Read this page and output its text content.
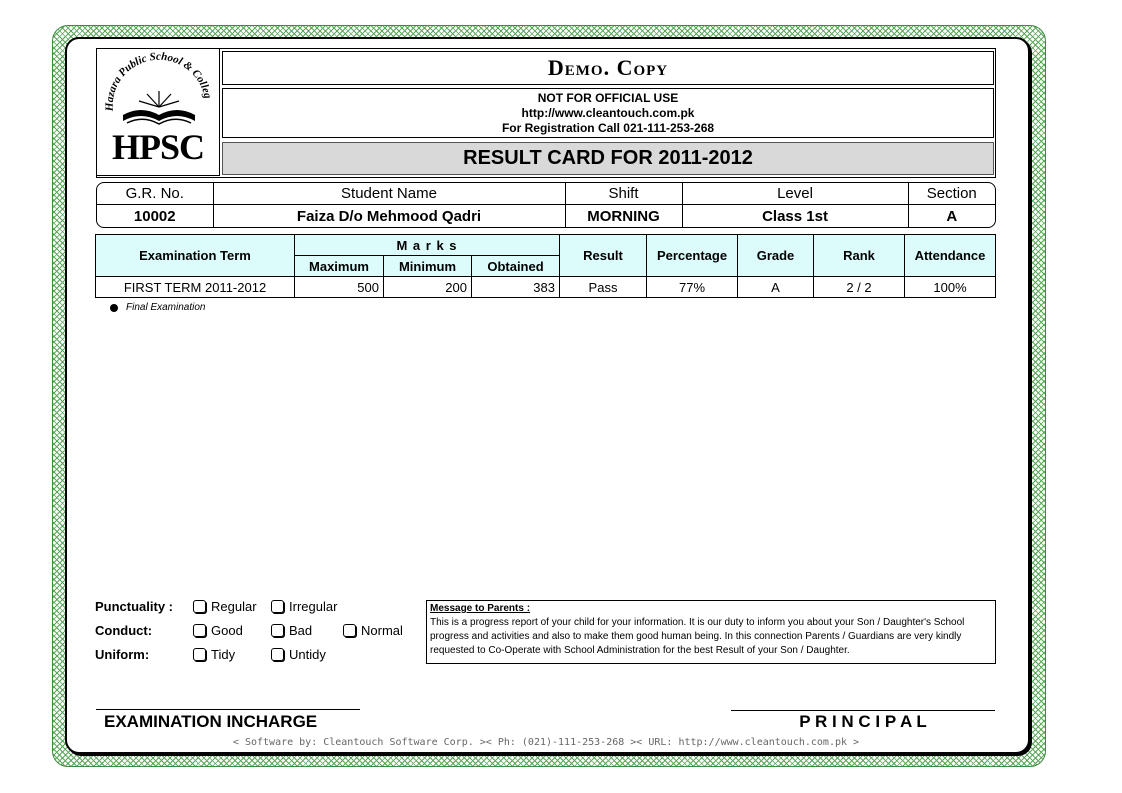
Hazara Public School & Colleg
HPSC
Demo. Copy
NOT FOR OFFICIAL USE
http://www.cleantouch.com.pk
For Registration Call 021-111-253-268
RESULT CARD FOR 2011-2012
G.R. No.	Student Name	Shift	Level	Section
10002	Faiza D/o Mehmood Qadri	MORNING	Class 1st	A
Examination Term	M a r k s			Result	Percentage	Grade	Rank	Attendance
	Maximum	Minimum	Obtained					
FIRST TERM 2011-2012	500	200	383	Pass	77%	A	2 / 2	100%
Final Examination
Punctuality :	Regular Irregular
Conduct:	Good	Bad	Normal
Uniform:	Tidy	Untidy
Message to Parents :
This is a progress report of your child for your information. It is our duty to inform you about your Son / Daughter's School progress and activities and also to make them good human being. In this connection Parents / Guardians are very kindly requested to Co-Operate with School Administration for the best Result of your Son / Daughter.
EXAMINATION INCHARGE	P R I N C I P A L
< Software by: Cleantouch Software Corp. >< Ph: (021)-111-253-268 >< URL: http://www.cleantouch.com.pk >
